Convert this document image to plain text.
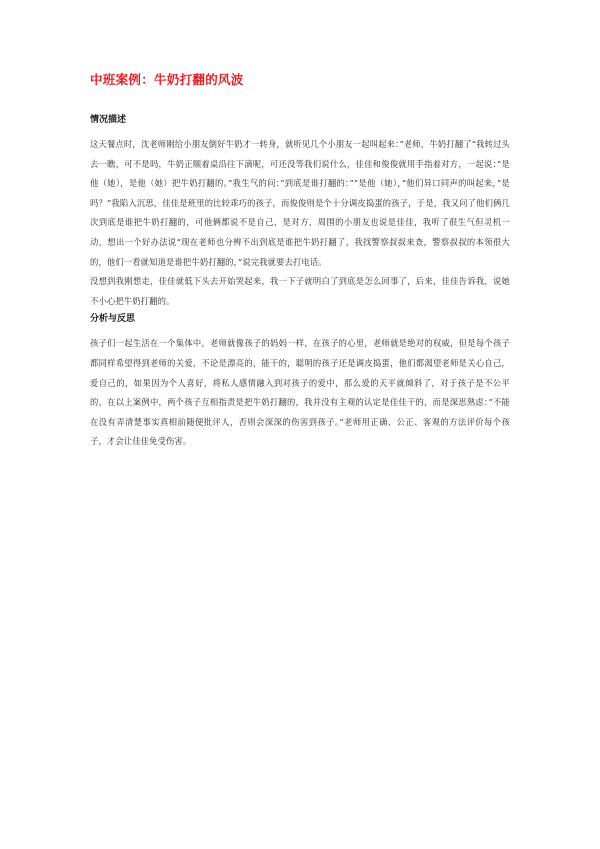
中班案例：牛奶打翻的风波
情况描述

这天餐点时，沈老师刚给小朋友倒好牛奶才一转身，就听见几个小朋友一起叫起来：”老师，牛奶打翻了“我转过头去一瞧，可不是吗，牛奶正顺着桌沿往下滴呢，可还没等我们说什么，佳佳和俊俊就用手指着对方，一起说：”是他（她），是他（她）把牛奶打翻的。”我生气的问：”到底是谁打翻的：””是他（她），”他们异口同声的叫起来，”是吗？”我陷入沉思，佳佳是班里的比较乖巧的孩子，而俊俊则是个十分调皮捣蛋的孩子，于是，我又问了他们俩几次到底是谁把牛奶打翻的，可他俩都说不是自己，是对方，周围的小朋友也说是佳佳，我听了很生气但灵机一动，想出一个好办法说“现在老师也分辨不出到底是谁把牛奶打翻了，我找警察叔叔来查，警察叔叔的本领很大的，他们一看就知道是谁把牛奶打翻的，”说完我就要去打电话。

没想到我刚想走，佳佳就低下头去开始哭起来，我一下子就明白了到底是怎么回事了，后来，佳佳告诉我，说她不小心把牛奶打翻的。

分析与反思

孩子们一起生活在一个集体中，老师就像孩子的妈妈一样，在孩子的心里，老师就是绝对的权威，但是每个孩子都同样希望得到老师的关爱，不论是漂亮的，能干的，聪明的孩子还是调皮捣蛋，他们都渴望老师是关心自己，爱自己的，如果因为个人喜好，将私人感情融入到对孩子的爱中，那么爱的天平就倾斜了，对于孩子是不公平的，在以上案例中，两个孩子互相指责是把牛奶打翻的，我并没有主观的认定是佳佳干的，而是深思熟虑：”不能在没有弄清楚事实真相前随便批评人，否则会深深的伤害到孩子。”老师用正确、公正、客观的方法评价每个孩子，才会让佳佳免受伤害。
